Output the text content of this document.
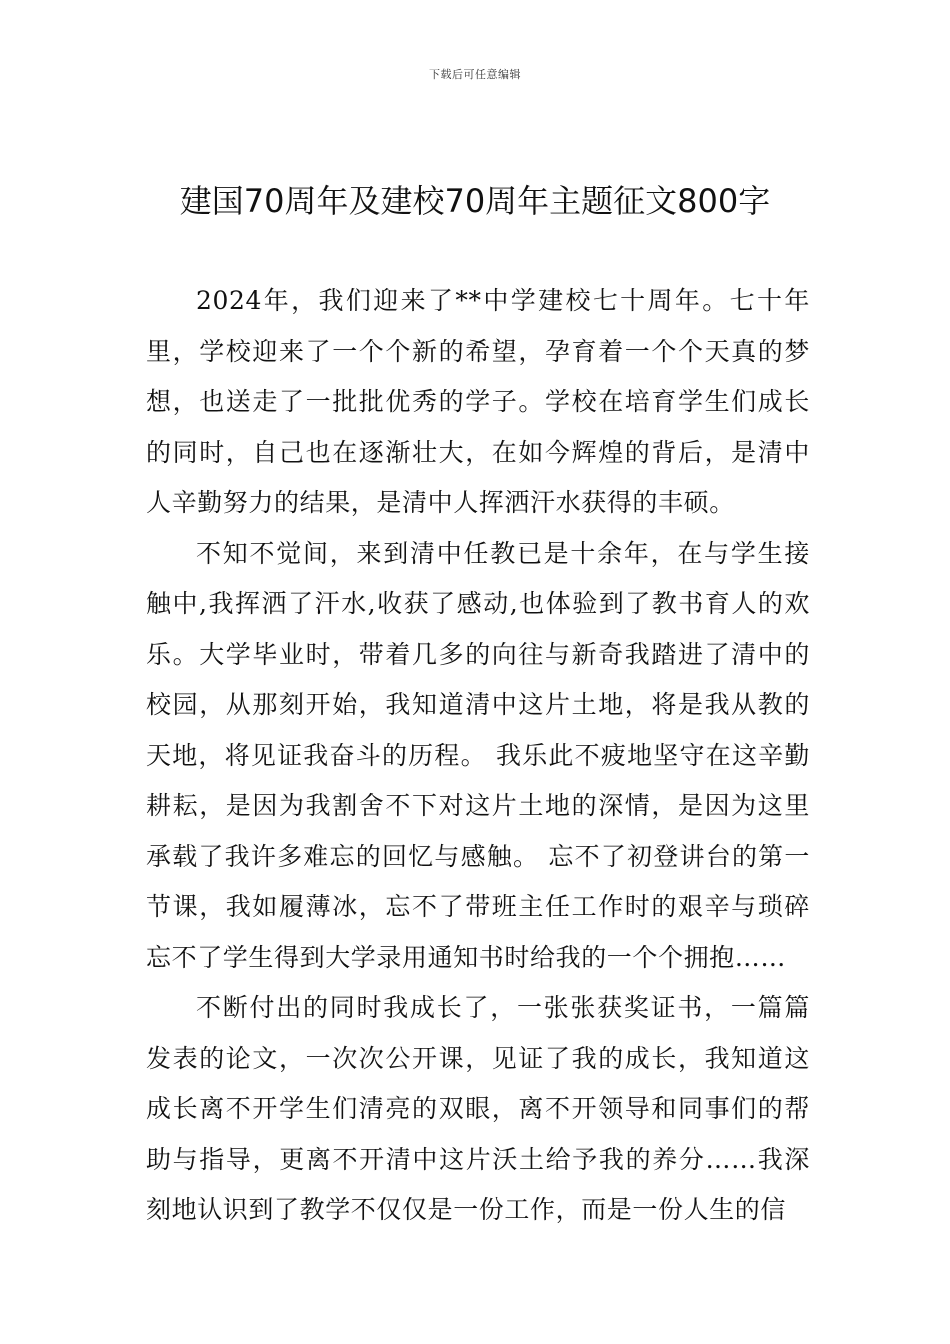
下载后可任意编辑
建国70周年及建校70周年主题征文800字

2024年，我们迎来了**中学建校七十周年。七十年里，学校迎来了一个个新的希望，孕育着一个个天真的梦想，也送走了一批批优秀的学子。学校在培育学生们成长的同时，自己也在逐渐壮大，在如今辉煌的背后，是清中人辛勤努力的结果，是清中人挥洒汗水获得的丰硕。

不知不觉间，来到清中任教已是十余年，在与学生接触中,我挥洒了汗水,收获了感动,也体验到了教书育人的欢乐。大学毕业时，带着几多的向往与新奇我踏进了清中的校园，从那刻开始，我知道清中这片土地，将是我从教的天地，将见证我奋斗的历程。 我乐此不疲地坚守在这辛勤耕耘，是因为我割舍不下对这片土地的深情，是因为这里承载了我许多难忘的回忆与感触。 忘不了初登讲台的第一节课，我如履薄冰，忘不了带班主任工作时的艰辛与琐碎忘不了学生得到大学录用通知书时给我的一个个拥抱……

不断付出的同时我成长了，一张张获奖证书，一篇篇发表的论文，一次次公开课，见证了我的成长，我知道这成长离不开学生们清亮的双眼，离不开领导和同事们的帮助与指导，更离不开清中这片沃土给予我的养分……我深刻地认识到了教学不仅仅是一份工作，而是一份人生的信
